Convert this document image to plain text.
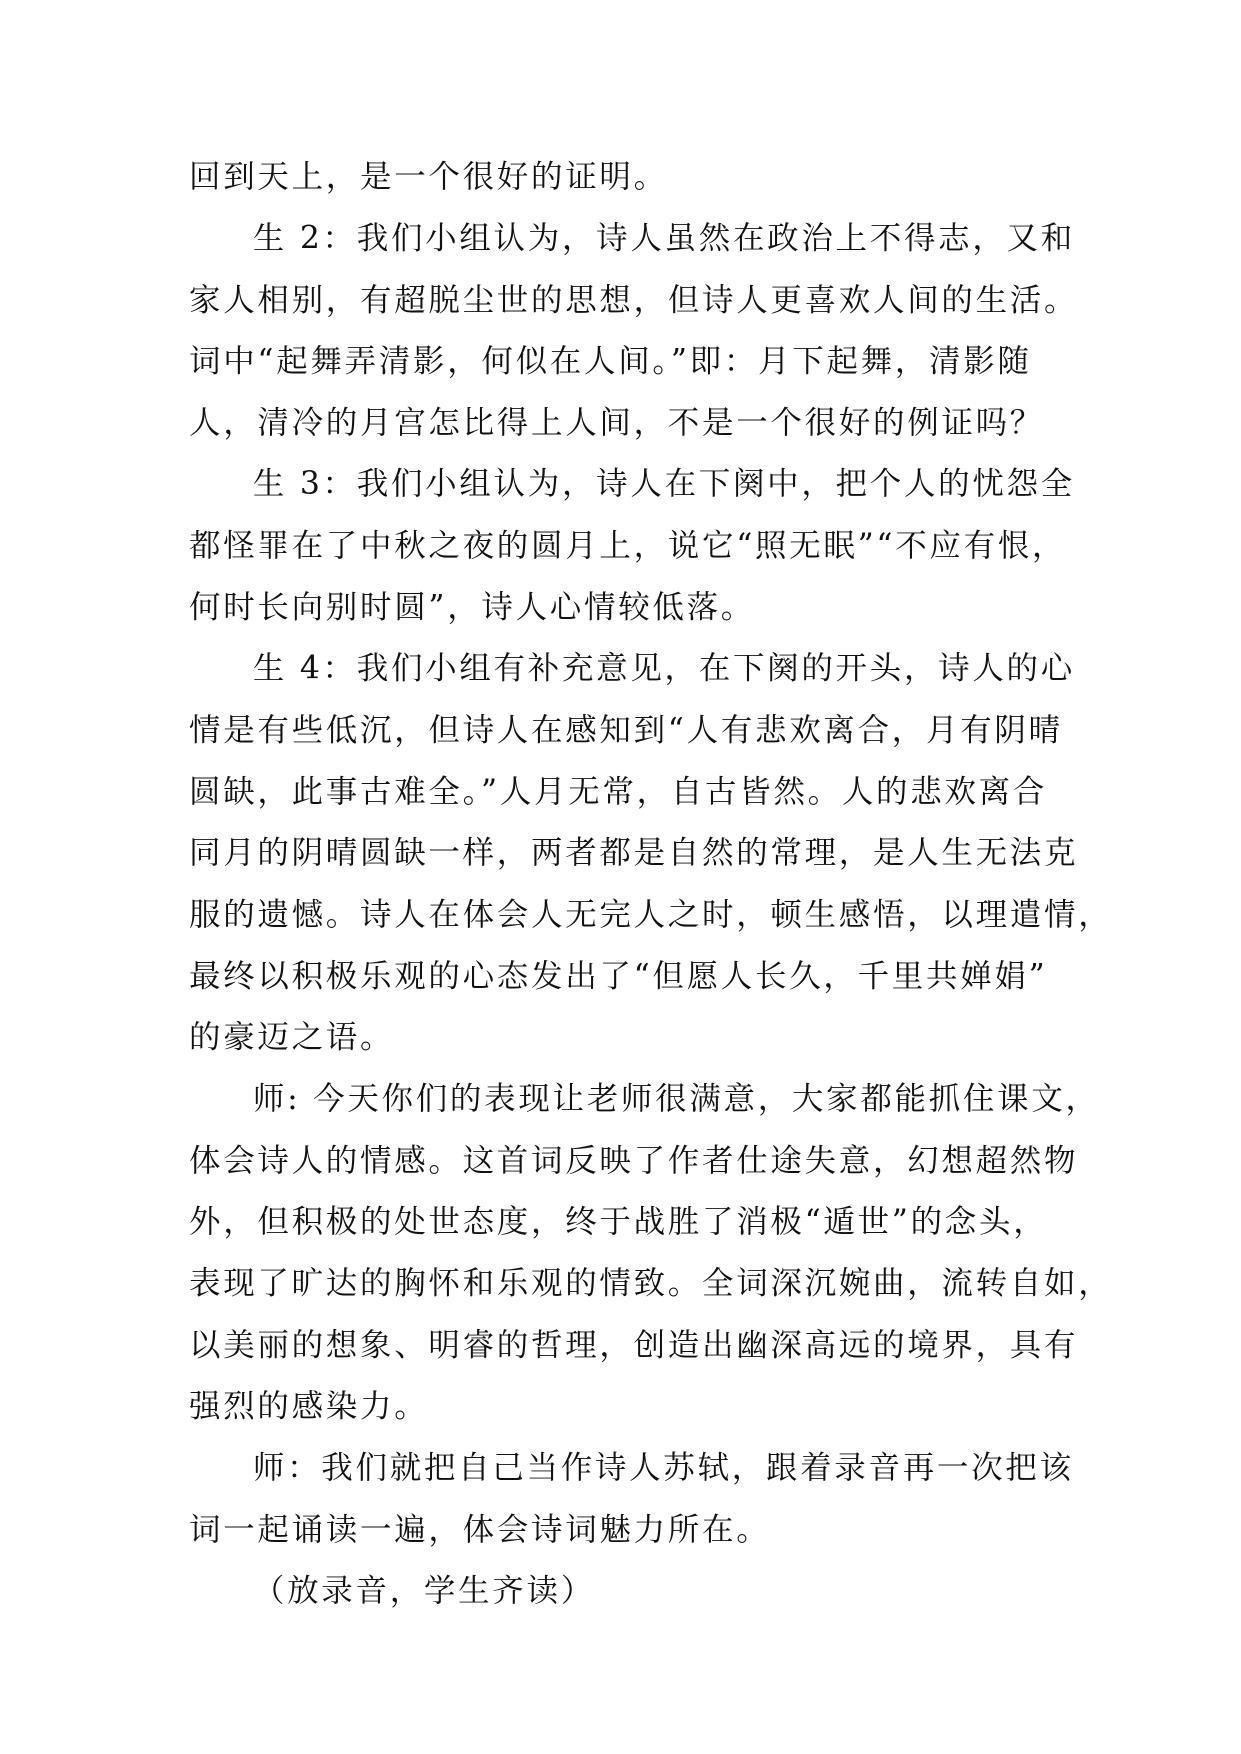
回到天上，是一个很好的证明。

生 2：我们小组认为，诗人虽然在政治上不得志，又和
家人相别，有超脱尘世的思想，但诗人更喜欢人间的生活。
词中“起舞弄清影，何似在人间。”即：月下起舞，清影随
人，清冷的月宫怎比得上人间，不是一个很好的例证吗？

生 3：我们小组认为，诗人在下阕中，把个人的忧怨全
都怪罪在了中秋之夜的圆月上，说它“照无眠”“不应有恨，
何时长向别时圆”，诗人心情较低落。

生 4：我们小组有补充意见，在下阕的开头，诗人的心
情是有些低沉，但诗人在感知到“人有悲欢离合，月有阴晴
圆缺，此事古难全。”人月无常，自古皆然。人的悲欢离合
同月的阴晴圆缺一样，两者都是自然的常理，是人生无法克
服的遗憾。诗人在体会人无完人之时，顿生感悟，以理遣情，
最终以积极乐观的心态发出了“但愿人长久，千里共婵娟”
的豪迈之语。

师: 今天你们的表现让老师很满意，大家都能抓住课文，
体会诗人的情感。这首词反映了作者仕途失意，幻想超然物
外，但积极的处世态度，终于战胜了消极“遁世”的念头，
表现了旷达的胸怀和乐观的情致。全词深沉婉曲，流转自如，
以美丽的想象、明睿的哲理，创造出幽深高远的境界，具有
强烈的感染力。

师：我们就把自己当作诗人苏轼，跟着录音再一次把该
词一起诵读一遍，体会诗词魅力所在。

（放录音，学生齐读）
